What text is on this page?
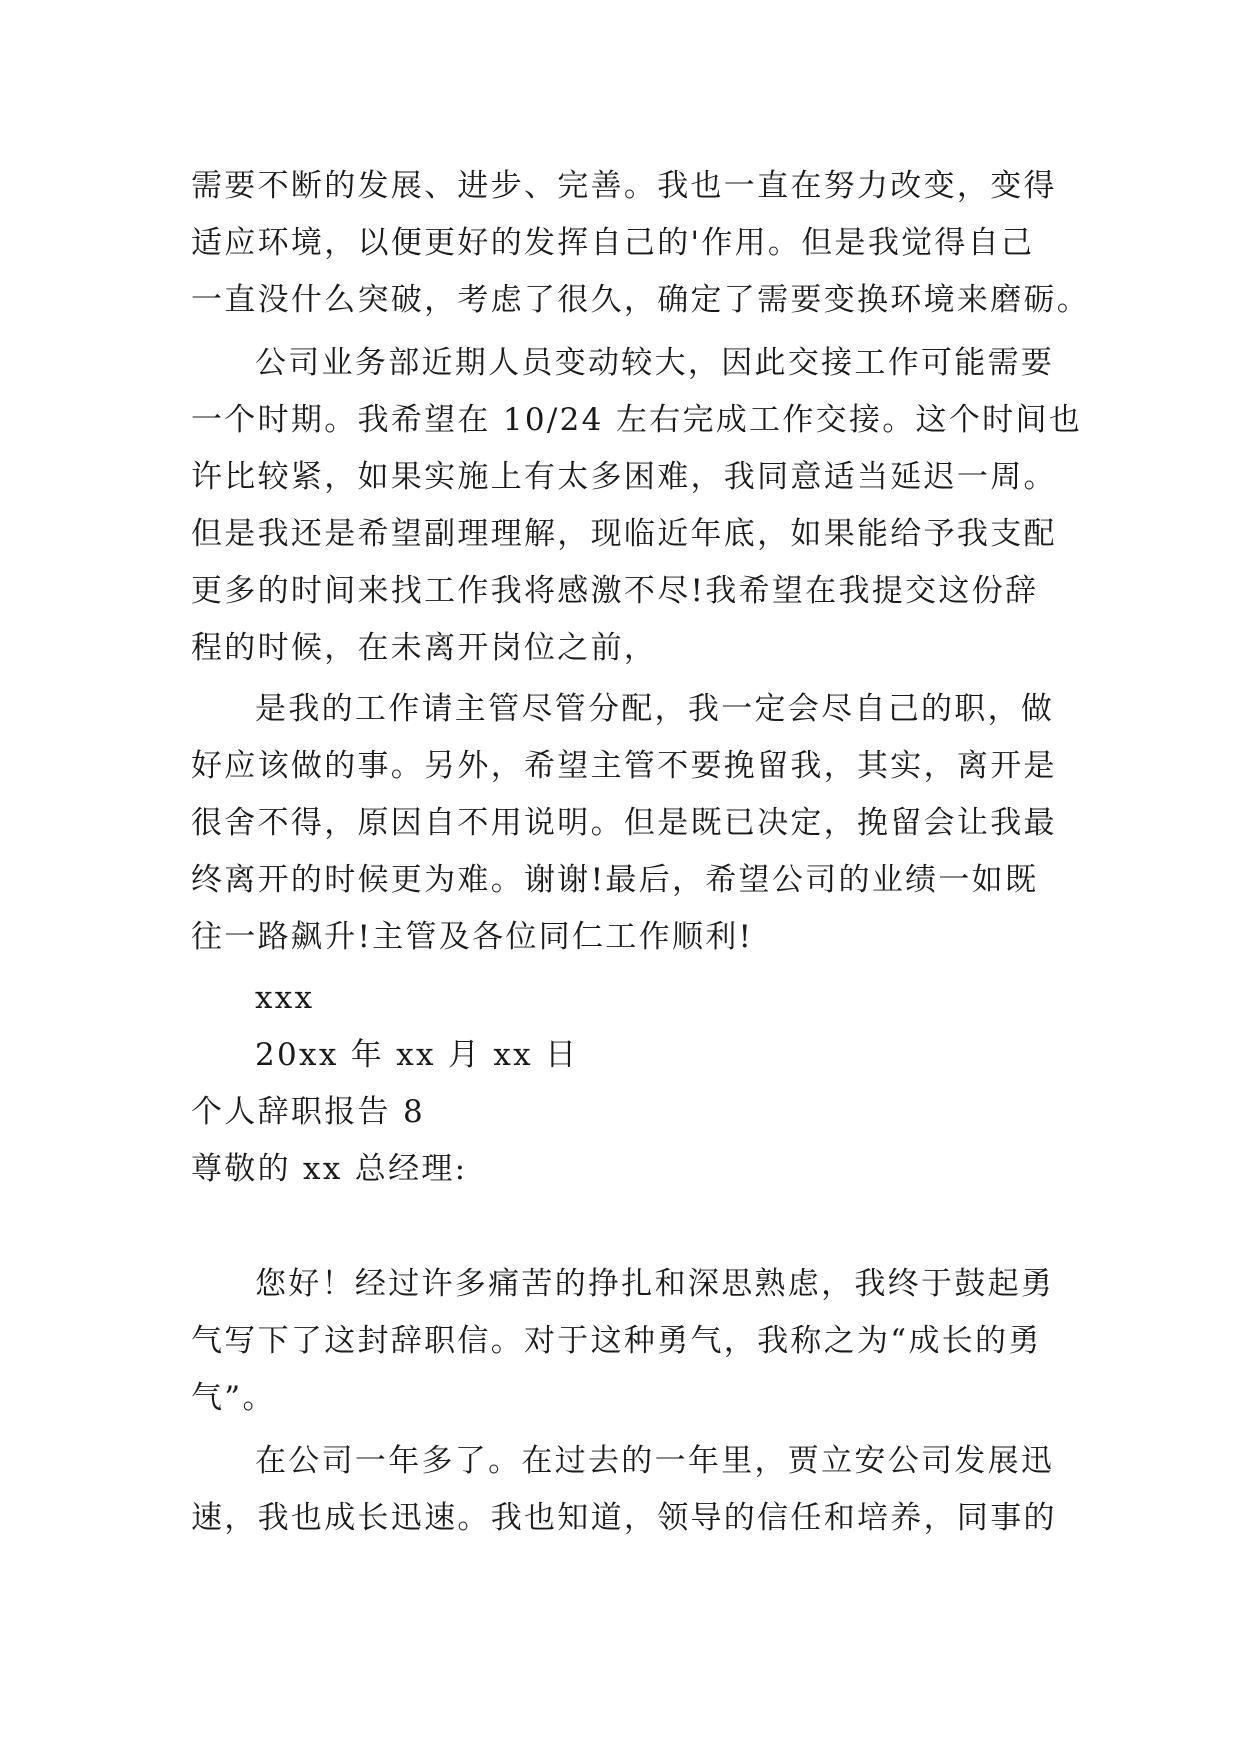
需要不断的发展、进步、完善。我也一直在努力改变，变得
适应环境，以便更好的发挥自己的'作用。但是我觉得自己
一直没什么突破，考虑了很久，确定了需要变换环境来磨砺。
公司业务部近期人员变动较大，因此交接工作可能需要
一个时期。我希望在 10/24 左右完成工作交接。这个时间也
许比较紧，如果实施上有太多困难，我同意适当延迟一周。
但是我还是希望副理理解，现临近年底，如果能给予我支配
更多的时间来找工作我将感激不尽!我希望在我提交这份辞
程的时候，在未离开岗位之前，
是我的工作请主管尽管分配，我一定会尽自己的职，做
好应该做的事。另外，希望主管不要挽留我，其实，离开是
很舍不得，原因自不用说明。但是既已决定，挽留会让我最
终离开的时候更为难。谢谢!最后，希望公司的业绩一如既
往一路飙升!主管及各位同仁工作顺利!
xxx
20xx 年 xx 月 xx 日
个人辞职报告 8
尊敬的 xx 总经理:
您好！经过许多痛苦的挣扎和深思熟虑，我终于鼓起勇
气写下了这封辞职信。对于这种勇气，我称之为“成长的勇
气”。
在公司一年多了。在过去的一年里，贾立安公司发展迅
速，我也成长迅速。我也知道，领导的信任和培养，同事的
